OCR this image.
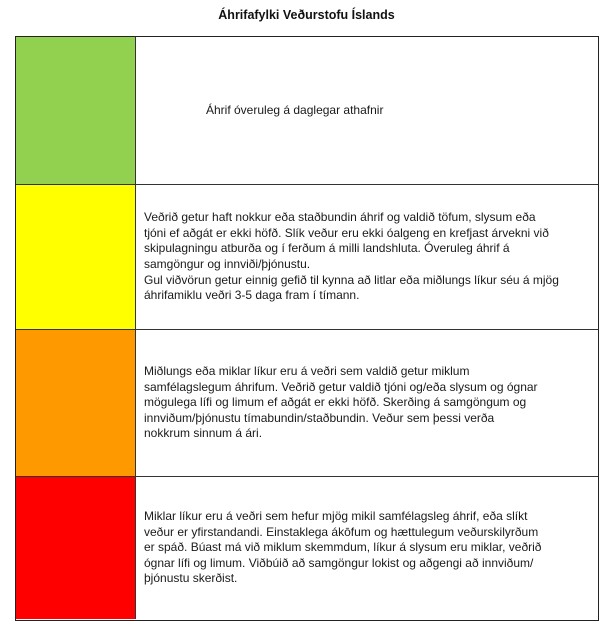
Áhrifafylki Veðurstofu Íslands

Áhrif óveruleg á daglegar athafnir

Veðrið getur haft nokkur eða staðbundin áhrif og valdið töfum, slysum eða
tjóni ef aðgát er ekki höfð. Slík veður eru ekki óalgeng en krefjast árvekni við
skipulagningu atburða og í ferðum á milli landshluta. Óveruleg áhrif á
samgöngur og innviði/þjónustu.
Gul viðvörun getur einnig gefið til kynna að litlar eða miðlungs líkur séu á mjög
áhrifamiklu veðri 3-5 daga fram í tímann.

Miðlungs eða miklar líkur eru á veðri sem valdið getur miklum
samfélagslegum áhrifum. Veðrið getur valdið tjóni og/eða slysum og ógnar
mögulega lífi og limum ef aðgát er ekki höfð. Skerðing á samgöngum og
innviðum/þjónustu tímabundin/staðbundin. Veður sem þessi verða
nokkrum sinnum á ári.

Miklar líkur eru á veðri sem hefur mjög mikil samfélagsleg áhrif, eða slíkt
veður er yfirstandandi. Einstaklega ákōfum og hættulegum veðurskilyrðum
er spáð. Búast má við miklum skemmdum, líkur á slysum eru miklar, veðrið
ógnar lífi og limum. Viðbúið að samgöngur lokist og aðgengi að innviðum/
þjónustu skerðist.
